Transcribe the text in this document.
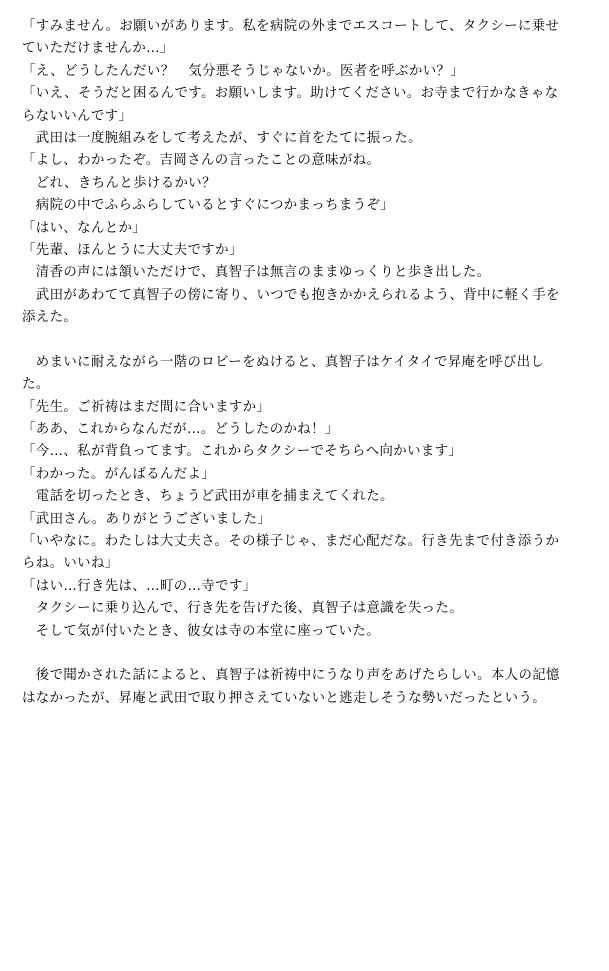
「すみません。お願いがあります。私を病院の外までエスコートして、タクシーに乗せ
ていただけませんか…」
「え、どうしたんだい？　気分悪そうじゃないか。医者を呼ぶかい？」
「いえ、そうだと困るんです。お願いします。助けてください。お寺まで行かなきゃな
らないいんです」
　武田は一度腕組みをして考えたが、すぐに首をたてに振った。
「よし、わかったぞ。吉岡さんの言ったことの意味がね。
　どれ、きちんと歩けるかい？
　病院の中でふらふらしているとすぐにつかまっちまうぞ」
「はい、なんとか」
「先輩、ほんとうに大丈夫ですか」
　清香の声には頷いただけで、真智子は無言のままゆっくりと歩き出した。
　武田があわてて真智子の傍に寄り、いつでも抱きかかえられるよう、背中に軽く手を
添えた。
　めまいに耐えながら一階のロビーをぬけると、真智子はケイタイで昇庵を呼び出し
た。
「先生。ご祈祷はまだ間に合いますか」
「ああ、これからなんだが…。どうしたのかね！」
「今…、私が背負ってます。これからタクシーでそちらへ向かいます」
「わかった。がんばるんだよ」
　電話を切ったとき、ちょうど武田が車を捕まえてくれた。
「武田さん。ありがとうございました」
「いやなに。わたしは大丈夫さ。その様子じゃ、まだ心配だな。行き先まで付き添うか
らね。いいね」
「はい…行き先は、…町の…寺です」
　タクシーに乗り込んで、行き先を告げた後、真智子は意識を失った。
　そして気が付いたとき、彼女は寺の本堂に座っていた。
　後で聞かされた話によると、真智子は祈祷中にうなり声をあげたらしい。本人の記憶
はなかったが、昇庵と武田で取り押さえていないと逃走しそうな勢いだったという。
